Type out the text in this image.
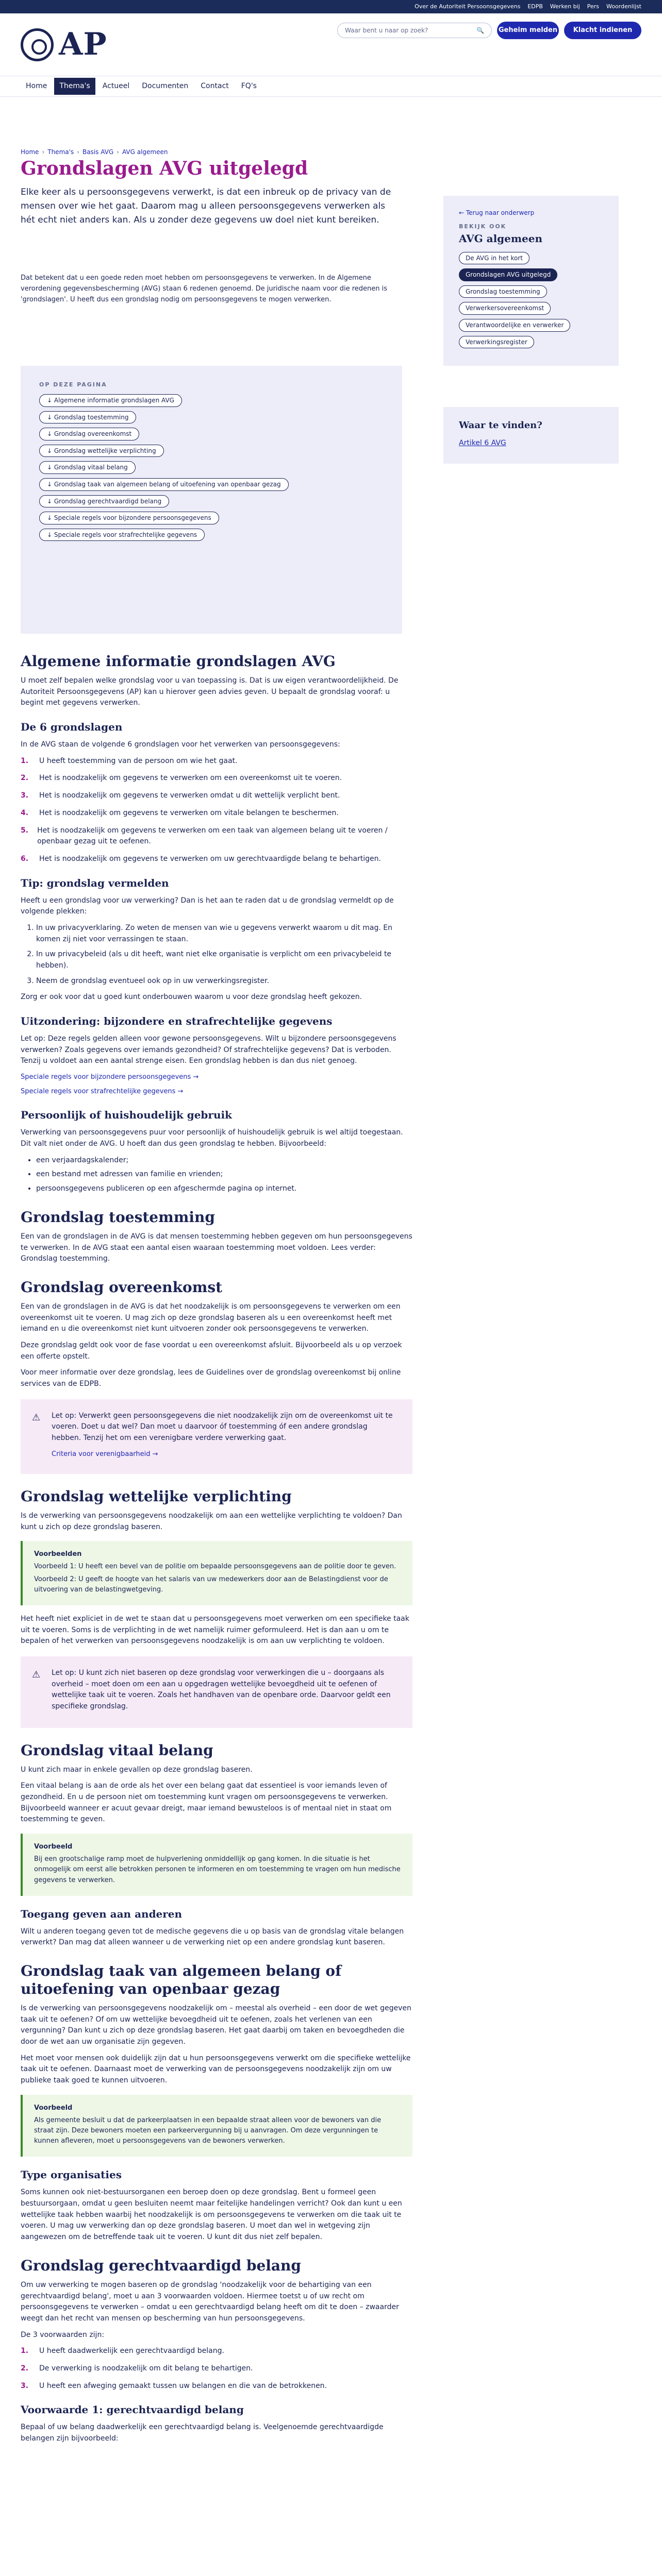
Over de Autoriteit Persoonsgegevens EDPB Werken bij Pers Woordenlijst
AP	Waar bent u naar op zoek?	🔍 Geheim melden	Klacht indienen
Home	Thema's	Actueel	Documenten	Contact	FQ's
Home › Thema's › Basis AVG › AVG algemeen
Grondslagen AVG uitgelegd
Elke keer als u persoonsgegevens verwerkt, is dat een inbreuk op de privacy van de mensen over wie het gaat. Daarom mag u alleen persoonsgegevens verwerken als hét echt niet anders kan. Als u zonder deze gegevens uw doel niet kunt bereiken.
Dat betekent dat u een goede reden moet hebben om persoonsgegevens te verwerken. In de Algemene verordening gegevensbescherming (AVG) staan 6 redenen genoemd. De juridische naam voor die redenen is 'grondslagen'. U heeft dus een grondslag nodig om persoonsgegevens te mogen verwerken.
OP DEZE PAGINA
↓ Algemene informatie grondslagen AVG
↓ Grondslag toestemming
↓ Grondslag overeenkomst
↓ Grondslag wettelijke verplichting
↓ Grondslag vitaal belang
↓ Grondslag taak van algemeen belang of uitoefening van openbaar gezag
↓ Grondslag gerechtvaardigd belang
↓ Speciale regels voor bijzondere persoonsgegevens
↓ Speciale regels voor strafrechtelijke gegevens
← Terug naar onderwerp
BEKIJK OOK
AVG algemeen
De AVG in het kort
Grondslagen AVG uitgelegd
Grondslag toestemming
Verwerkersovereenkomst
Verantwoordelijke en verwerker
Verwerkingsregister
Waar te vinden?
Artikel 6 AVG
Algemene informatie grondslagen AVG

U moet zelf bepalen welke grondslag voor u van toepassing is. Dat is uw eigen verantwoordelijkheid. De Autoriteit Persoonsgegevens (AP) kan u hierover geen advies geven. U bepaalt de grondslag vooraf: u begint met gegevens verwerken.

De 6 grondslagen

In de AVG staan de volgende 6 grondslagen voor het verwerken van persoonsgegevens:

1.	U heeft toestemming van de persoon om wie het gaat.
2.	Het is noodzakelijk om gegevens te verwerken om een overeenkomst uit te voeren.
3.	Het is noodzakelijk om gegevens te verwerken omdat u dit wettelijk verplicht bent.
4.	Het is noodzakelijk om gegevens te verwerken om vitale belangen te beschermen.
5. Het is noodzakelijk om gegevens te verwerken om een taak van algemeen belang uit te voeren / openbaar gezag uit te oefenen.
6.	Het is noodzakelijk om gegevens te verwerken om uw gerechtvaardigde belang te behartigen.
Tip: grondslag vermelden

Heeft u een grondslag voor uw verwerking? Dan is het aan te raden dat u de grondslag vermeldt op de volgende plekken:

1. In uw privacyverklaring. Zo weten de mensen van wie u gegevens verwerkt waarom u dit mag. En komen zij niet voor verrassingen te staan.
2. In uw privacybeleid (als u dit heeft, want niet elke organisatie is verplicht om een privacybeleid te hebben).
3. Neem de grondslag eventueel ook op in uw verwerkingsregister.

Zorg er ook voor dat u goed kunt onderbouwen waarom u voor deze grondslag heeft gekozen.

Uitzondering: bijzondere en strafrechtelijke gegevens

Let op: Deze regels gelden alleen voor gewone persoonsgegevens. Wilt u bijzondere persoonsgegevens verwerken? Zoals gegevens over iemands gezondheid? Of strafrechtelijke gegevens? Dat is verboden. Tenzij u voldoet aan een aantal strenge eisen. Een grondslag hebben is dan dus niet genoeg.

Speciale regels voor bijzondere persoonsgegevens →
Speciale regels voor strafrechtelijke gegevens →
Persoonlijk of huishoudelijk gebruik

Verwerking van persoonsgegevens puur voor persoonlijk of huishoudelijk gebruik is wel altijd toegestaan. Dit valt niet onder de AVG. U hoeft dan dus geen grondslag te hebben. Bijvoorbeeld:

• een verjaardagskalender;
• een bestand met adressen van familie en vrienden;
• persoonsgegevens publiceren op een afgeschermde pagina op internet.
Grondslag toestemming

Een van de grondslagen in de AVG is dat mensen toestemming hebben gegeven om hun persoonsgegevens te verwerken. In de AVG staat een aantal eisen waaraan toestemming moet voldoen. Lees verder: Grondslag toestemming.

Grondslag overeenkomst

Een van de grondslagen in de AVG is dat het noodzakelijk is om persoonsgegevens te verwerken om een overeenkomst uit te voeren. U mag zich op deze grondslag baseren als u een overeenkomst heeft met iemand en u die overeenkomst niet kunt uitvoeren zonder ook persoonsgegevens te verwerken.

Deze grondslag geldt ook voor de fase voordat u een overeenkomst afsluit. Bijvoorbeeld als u op verzoek een offerte opstelt.

Voor meer informatie over deze grondslag, lees de Guidelines over de grondslag overeenkomst bij online services van de EDPB.

⚠	Let op: Verwerkt geen persoonsgegevens die niet noodzakelijk zijn om de overeenkomst uit te voeren. Doet u dat wel? Dan moet u daarvoor óf toestemming óf een andere grondslag hebben. Tenzij het om een verenigbare verdere verwerking gaat.

Criteria voor verenigbaarheid →
Grondslag wettelijke verplichting

Is de verwerking van persoonsgegevens noodzakelijk om aan een wettelijke verplichting te voldoen? Dan kunt u zich op deze grondslag baseren.

Voorbeelden

Voorbeeld 1: U heeft een bevel van de politie om bepaalde persoonsgegevens aan de politie door te geven.

Voorbeeld 2: U geeft de hoogte van het salaris van uw medewerkers door aan de Belastingdienst voor de uitvoering van de belastingwetgeving.

Het heeft niet expliciet in de wet te staan dat u persoonsgegevens moet verwerken om een specifieke taak uit te voeren. Soms is de verplichting in de wet namelijk ruimer geformuleerd. Het is dan aan u om te bepalen of het verwerken van persoonsgegevens noodzakelijk is om aan uw verplichting te voldoen.

⚠	Let op: U kunt zich niet baseren op deze grondslag voor verwerkingen die u – doorgaans als overheid – moet doen om een aan u opgedragen wettelijke bevoegdheid uit te oefenen of wettelijke taak uit te voeren. Zoals het handhaven van de openbare orde. Daarvoor geldt een specifieke grondslag.

Grondslag vitaal belang

U kunt zich maar in enkele gevallen op deze grondslag baseren.

Een vitaal belang is aan de orde als het over een belang gaat dat essentieel is voor iemands leven of gezondheid. En u de persoon niet om toestemming kunt vragen om persoonsgegevens te verwerken. Bijvoorbeeld wanneer er acuut gevaar dreigt, maar iemand bewusteloos is of mentaal niet in staat om toestemming te geven.

Voorbeeld

Bij een grootschalige ramp moet de hulpverlening onmiddellijk op gang komen. In die situatie is het onmogelijk om eerst alle betrokken personen te informeren en om toestemming te vragen om hun medische gegevens te verwerken.

Toegang geven aan anderen

Wilt u anderen toegang geven tot de medische gegevens die u op basis van de grondslag vitale belangen verwerkt? Dan mag dat alleen wanneer u de verwerking niet op een andere grondslag kunt baseren.

Grondslag taak van algemeen belang of uitoefening van openbaar gezag

Is de verwerking van persoonsgegevens noodzakelijk om – meestal als overheid – een door de wet gegeven taak uit te oefenen? Of om uw wettelijke bevoegdheid uit te oefenen, zoals het verlenen van een vergunning? Dan kunt u zich op deze grondslag baseren. Het gaat daarbij om taken en bevoegdheden die door de wet aan uw organisatie zijn gegeven.

Het moet voor mensen ook duidelijk zijn dat u hun persoonsgegevens verwerkt om die specifieke wettelijke taak uit te oefenen. Daarnaast moet de verwerking van de persoonsgegevens noodzakelijk zijn om uw publieke taak goed te kunnen uitvoeren.

Voorbeeld

Als gemeente besluit u dat de parkeerplaatsen in een bepaalde straat alleen voor de bewoners van die straat zijn. Deze bewoners moeten een parkeervergunning bij u aanvragen. Om deze vergunningen te kunnen afleveren, moet u persoonsgegevens van de bewoners verwerken.

Type organisaties

Soms kunnen ook niet-bestuursorganen een beroep doen op deze grondslag. Bent u formeel geen bestuursorgaan, omdat u geen besluiten neemt maar feitelijke handelingen verricht? Ook dan kunt u een wettelijke taak hebben waarbij het noodzakelijk is om persoonsgegevens te verwerken om die taak uit te voeren. U mag uw verwerking dan op deze grondslag baseren. U moet dan wel in wetgeving zijn aangewezen om de betreffende taak uit te voeren. U kunt dit dus niet zelf bepalen.

Grondslag gerechtvaardigd belang

Om uw verwerking te mogen baseren op de grondslag 'noodzakelijk voor de behartiging van een gerechtvaardigd belang', moet u aan 3 voorwaarden voldoen. Hiermee toetst u of uw recht om persoonsgegevens te verwerken – omdat u een gerechtvaardigd belang heeft om dit te doen – zwaarder weegt dan het recht van mensen op bescherming van hun persoonsgegevens.

De 3 voorwaarden zijn:

1.	U heeft daadwerkelijk een gerechtvaardigd belang.
2.	De verwerking is noodzakelijk om dit belang te behartigen.
3.	U heeft een afweging gemaakt tussen uw belangen en die van de betrokkenen.
Voorwaarde 1: gerechtvaardigd belang

Bepaal of uw belang daadwerkelijk een gerechtvaardigd belang is. Veelgenoemde gerechtvaardigde belangen zijn bijvoorbeeld:
